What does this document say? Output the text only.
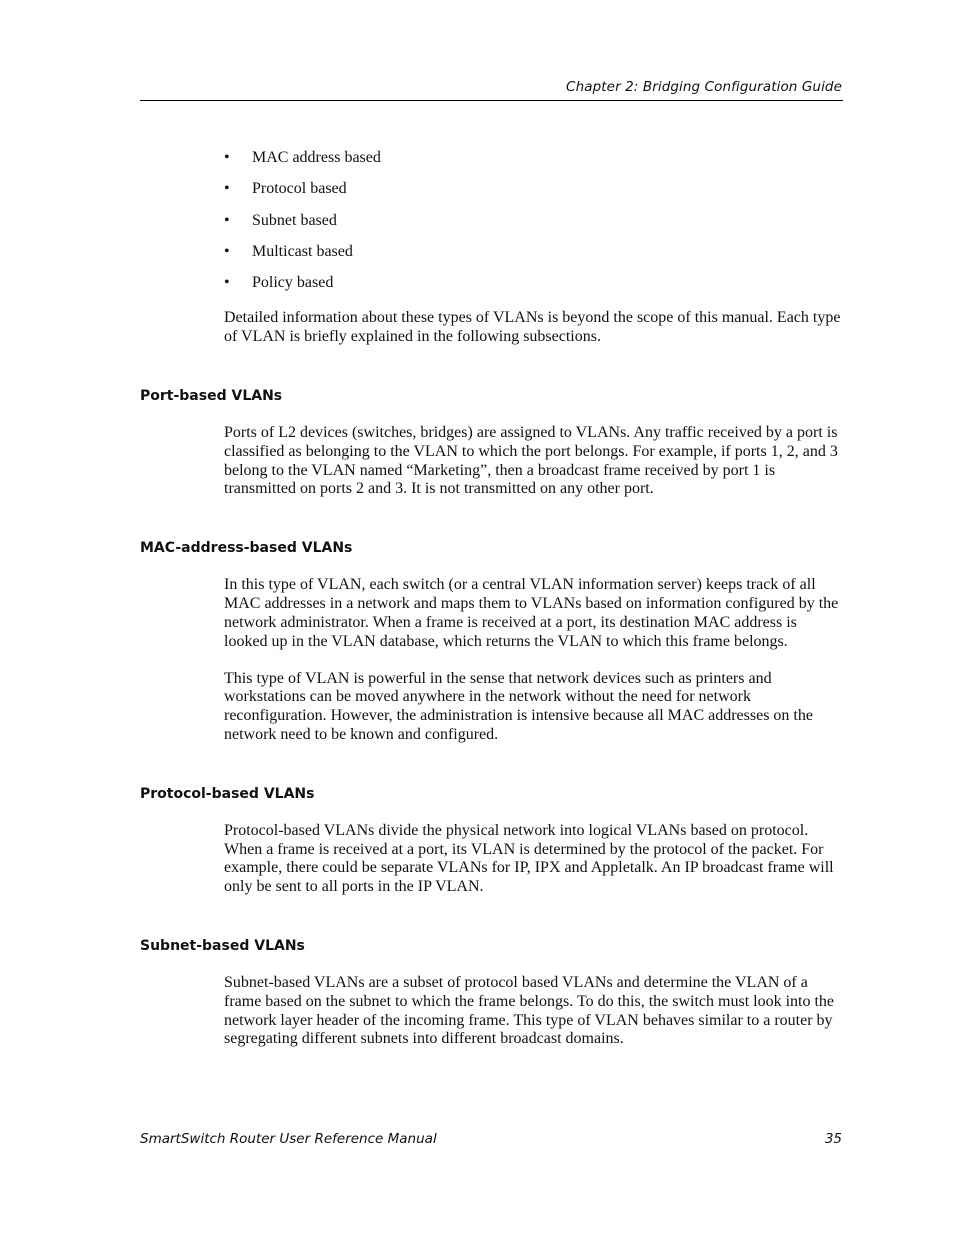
Chapter 2: Bridging Configuration Guide
• MAC address based
• Protocol based
• Subnet based
• Multicast based
• Policy based

Detailed information about these types of VLANs is beyond the scope of this manual. Each type of VLAN is briefly explained in the following subsections.

Port-based VLANs

Ports of L2 devices (switches, bridges) are assigned to VLANs. Any traffic received by a port is classified as belonging to the VLAN to which the port belongs. For example, if ports 1, 2, and 3 belong to the VLAN named “Marketing”, then a broadcast frame received by port 1 is transmitted on ports 2 and 3. It is not transmitted on any other port.

MAC-address-based VLANs

In this type of VLAN, each switch (or a central VLAN information server) keeps track of all MAC addresses in a network and maps them to VLANs based on information configured by the network administrator. When a frame is received at a port, its destination MAC address is looked up in the VLAN database, which returns the VLAN to which this frame belongs.

This type of VLAN is powerful in the sense that network devices such as printers and workstations can be moved anywhere in the network without the need for network reconfiguration. However, the administration is intensive because all MAC addresses on the network need to be known and configured.

Protocol-based VLANs

Protocol-based VLANs divide the physical network into logical VLANs based on protocol. When a frame is received at a port, its VLAN is determined by the protocol of the packet. For example, there could be separate VLANs for IP, IPX and Appletalk. An IP broadcast frame will only be sent to all ports in the IP VLAN.

Subnet-based VLANs

Subnet-based VLANs are a subset of protocol based VLANs and determine the VLAN of a frame based on the subnet to which the frame belongs. To do this, the switch must look into the network layer header of the incoming frame. This type of VLAN behaves similar to a router by segregating different subnets into different broadcast domains.

SmartSwitch Router User Reference Manual	35
